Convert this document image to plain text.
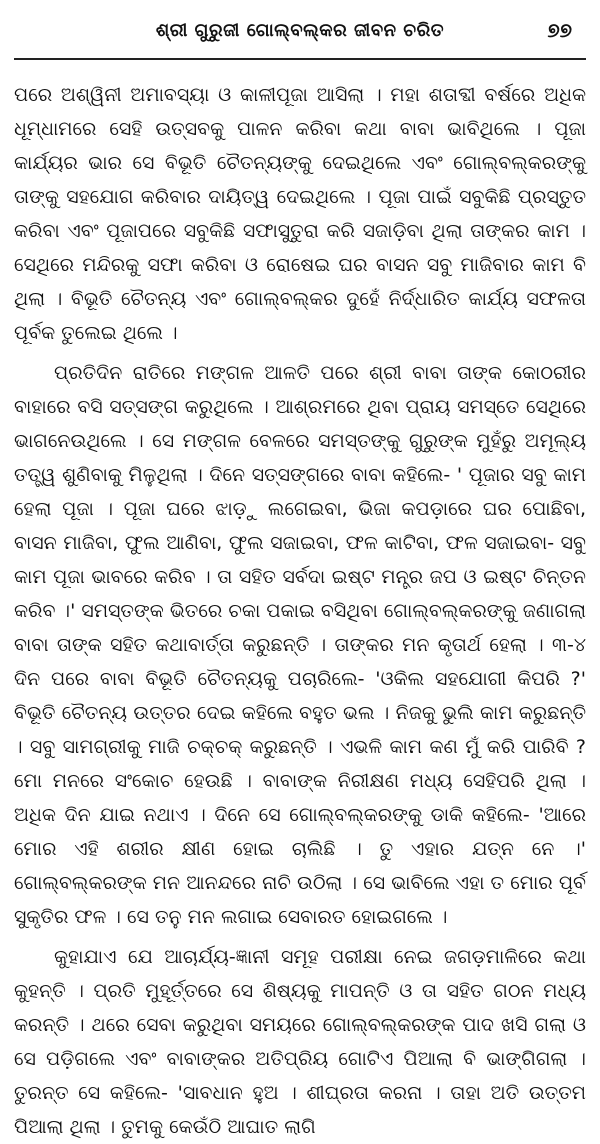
ଶ୍ରୀ ଗୁରୁଜୀ ଗୋଲ୍‌ବଲ୍‌କର ଜୀବନ ଚରିତ	୭୭

ପରେ ଅଶ୍ୱିନୀ ଅମାବସ୍ୟା ଓ କାଳୀପୂଜା ଆସିଲା । ମହା ଶତାବ୍ଦୀ ବର୍ଷରେ ଅଧିକ ଧୂମ୍‌ଧାମରେ ସେହି ଉତ୍ସବକୁ ପାଳନ କରିବା କଥା ବାବା ଭାବିଥିଲେ । ପୂଜା କାର୍ଯ୍ୟର ଭାର ସେ ବିଭୂତି ଚୈତନ୍ୟଙ୍କୁ ଦେଇଥିଲେ ଏବଂ ଗୋଲ୍‌ବଲ୍‌କରଙ୍କୁ ତାଙ୍କୁ ସହଯୋଗ କରିବାର ଦାୟିତ୍ୱ ଦେଇଥିଲେ । ପୂଜା ପାଇଁ ସବୁକିଛି ପ୍ରସ୍ତୁତ କରିବା ଏବଂ ପୂଜାପରେ ସବୁକିଛି ସଫାସୁତୁରା କରି ସଜାଡ଼ିବା ଥିଲା ତାଙ୍କର କାମ । ସେଥିରେ ମନ୍ଦିରକୁ ସଫା କରିବା ଓ ରୋଷେଇ ଘର ବାସନ ସବୁ ମାଜିବାର କାମ ବି ଥିଲା । ବିଭୂତି ଚୈତନ୍ୟ ଏବଂ ଗୋଲ୍‌ବଲ୍‌କର ଦୁହେଁ ନିର୍ଦ୍ଧାରିତ କାର୍ଯ୍ୟ ସଫଳତା ପୂର୍ବକ ତୁଲେଇ ଥିଲେ ।

ପ୍ରତିଦିନ ରାତିରେ ମଙ୍ଗଳ ଆଳତି ପରେ ଶ୍ରୀ ବାବା ତାଙ୍କ କୋଠରୀର ବାହାରେ ବସି ସତ୍‌ସଙ୍ଗ କରୁଥିଲେ । ଆଶ୍ରମରେ ଥିବା ପ୍ରାୟ ସମସ୍ତେ ସେଥିରେ ଭାଗନେଉଥିଲେ । ସେ ମଙ୍ଗଳ ବେଳରେ ସମସ୍ତଙ୍କୁ ଗୁରୁଙ୍କ ମୁହଁରୁ ଅମୂଲ୍ୟ ତତ୍ତ୍ୱ ଶୁଣିବାକୁ ମିଳୁଥିଲା । ଦିନେ ସତ୍‌ସଙ୍ଗରେ ବାବା କହିଲେ- ' ପୂଜାର ସବୁ କାମ ହେଲା ପୂଜା । ପୂଜା ଘରେ ଝାଡ଼ୁ ଲଗେଇବା, ଭିଜା କପଡ଼ାରେ ଘର ପୋଛିବା, ବାସନ ମାଜିବା, ଫୁଲ ଆଣିବା, ଫୁଲ ସଜାଇବା, ଫଳ କାଟିବା, ଫଳ ସଜାଇବା- ସବୁ କାମ ପୂଜା ଭାବରେ କରିବ । ତା ସହିତ ସର୍ବଦା ଇଷ୍ଟ ମନ୍ତ୍ର ଜପ ଓ ଇଷ୍ଟ ଚିନ୍ତନ କରିବ ।' ସମସ୍ତଙ୍କ ଭିତରେ ଚକା ପକାଇ ବସିଥିବା ଗୋଲ୍‌ବଲ୍‌କରଙ୍କୁ ଜଣାଗଲା ବାବା ତାଙ୍କ ସହିତ କଥାବାର୍ତ୍ତା କରୁଛନ୍ତି । ତାଙ୍କର ମନ କୃତାର୍ଥ ହେଲା । ୩-୪ ଦିନ ପରେ ବାବା ବିଭୂତି ଚୈତନ୍ୟକୁ ପଚାରିଲେ- 'ଓକିଲ ସହଯୋଗୀ କିପରି ?' ବିଭୂତି ଚୈତନ୍ୟ ଉତ୍ତର ଦେଇ କହିଲେ ବହୁତ ଭଲ । ନିଜକୁ ଭୁଲି କାମ କରୁଛନ୍ତି । ସବୁ ସାମଗ୍ରୀକୁ ମାଜି ଚକ୍‌ଚକ୍ କରୁଛନ୍ତି । ଏଭଳି କାମ କଣ ମୁଁ କରି ପାରିବି ? ମୋ ମନରେ ସଂକୋଚ ହେଉଛି । ବାବାଙ୍କ ନିରୀକ୍ଷଣ ମଧ୍ୟ ସେହିପରି ଥିଲା । ଅଧିକ ଦିନ ଯାଇ ନଥାଏ । ଦିନେ ସେ ଗୋଲ୍‌ବଲ୍‌କରଙ୍କୁ ଡାକି କହିଲେ- 'ଆରେ ମୋର ଏହି ଶରୀର କ୍ଷୀଣ ହୋଇ ଚାଲିଛି । ତୁ ଏହାର ଯତ୍ନ ନେ ।' ଗୋଲ୍‌ବଲ୍‌କରଙ୍କ ମନ ଆନନ୍ଦରେ ନାଚି ଉଠିଲା । ସେ ଭାବିଲେ ଏହା ତ ମୋର ପୂର୍ବ ସୁକୃତିର ଫଳ । ସେ ତନୁ ମନ ଲଗାଇ ସେବାରତ ହୋଇଗଲେ ।

କୁହାଯାଏ ଯେ ଆଚାର୍ଯ୍ୟ-ଜ୍ଞାନୀ ସମୂହ ପରୀକ୍ଷା ନେଇ ଜଗଡ଼ମାଳିରେ କଥା କୁହନ୍ତି । ପ୍ରତି ମୁହୂର୍ତ୍ତରେ ସେ ଶିଷ୍ୟକୁ ମାପନ୍ତି ଓ ତା ସହିତ ଗଠନ ମଧ୍ୟ କରନ୍ତି । ଥରେ ସେବା କରୁଥିବା ସମୟରେ ଗୋଲ୍‌ବଲ୍‌କରଙ୍କ ପାଦ ଖସି ଗଲା ଓ ସେ ପଡ଼ିଗଲେ ଏବଂ ବାବାଙ୍କର ଅତିପ୍ରିୟ ଗୋଟିଏ ପିଆଲା ବି ଭାଙ୍ଗିଗଲା । ତୁରନ୍ତ ସେ କହିଲେ- 'ସାବଧାନ ହୁଅ । ଶୀଘ୍ରତା କରନା । ତାହା ଅତି ଉତ୍ତମ ପିଆଲା ଥିଲା । ତୁମକୁ କେଉଁଠି ଆଘାତ ଲାଗି
